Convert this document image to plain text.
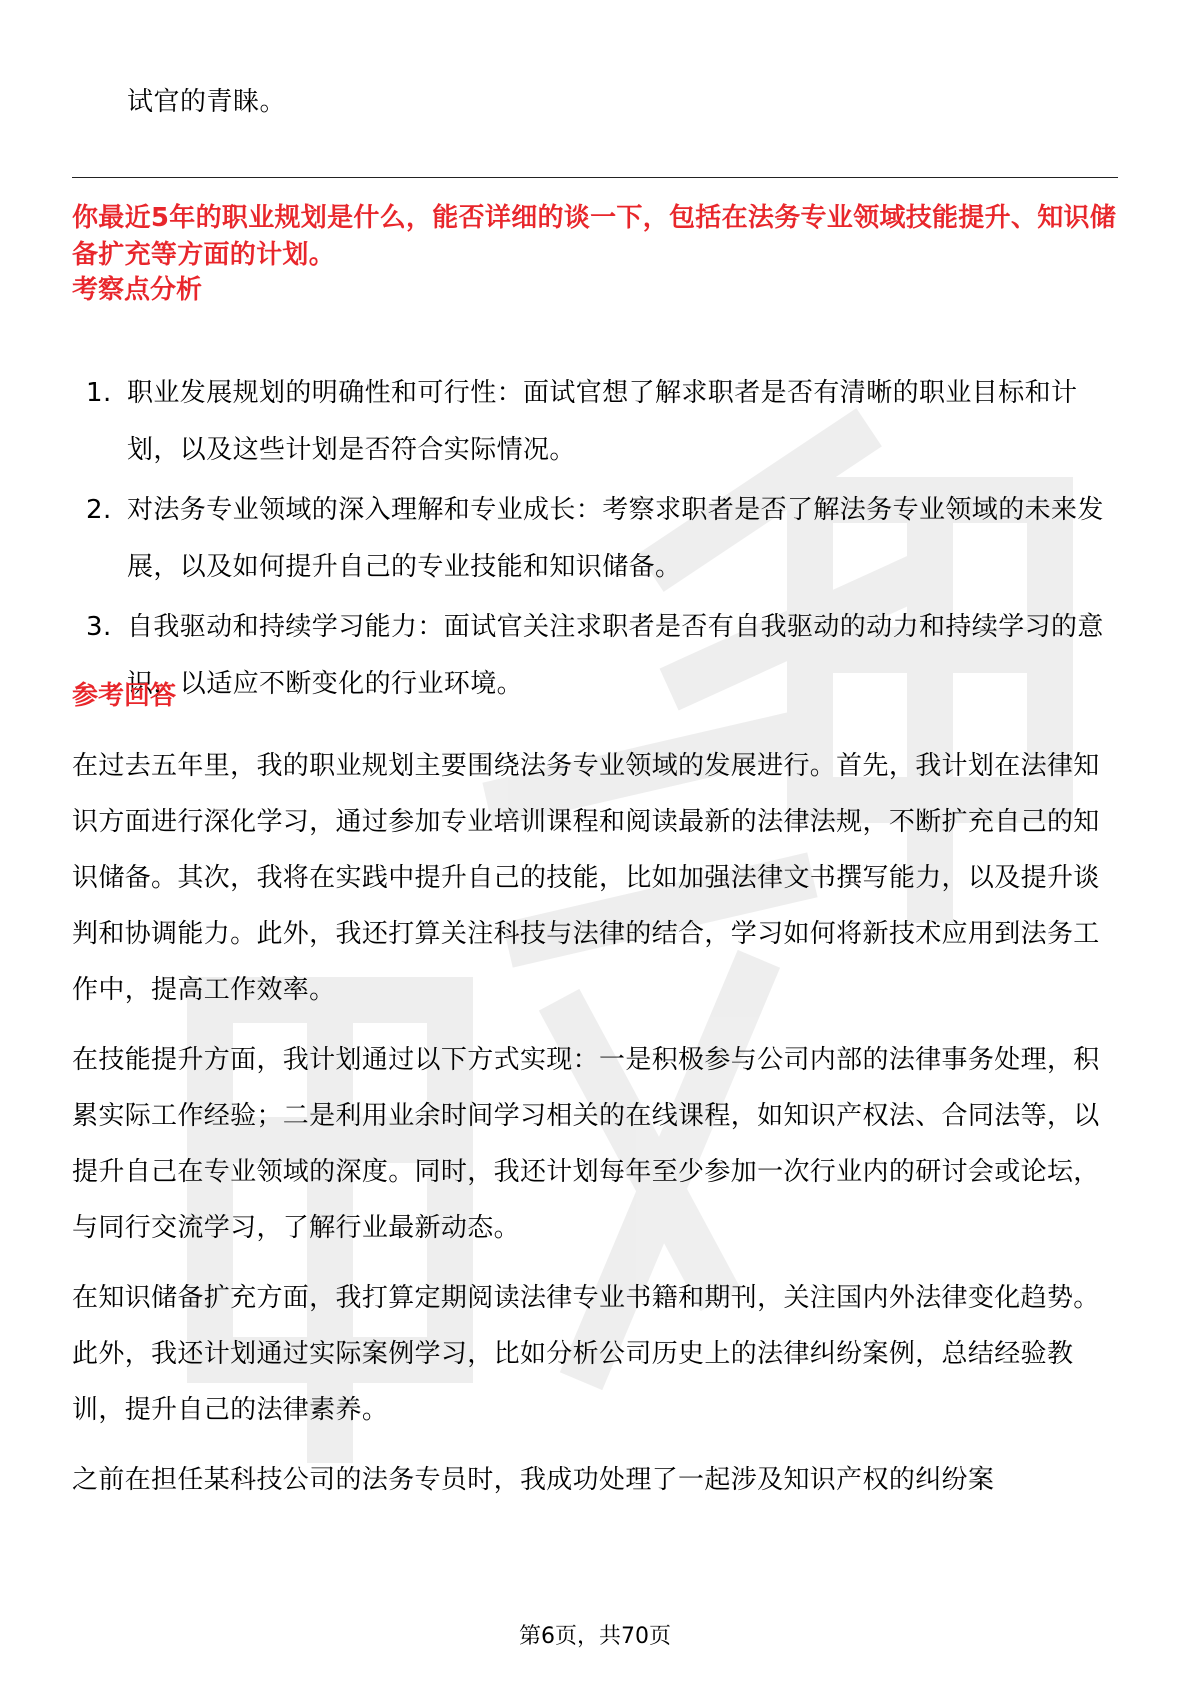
试官的青睐。
你最近5年的职业规划是什么，能否详细的谈一下，包括在法务专业领域技能提升、知识储备扩充等方面的计划。
考察点分析
1. 职业发展规划的明确性和可行性：面试官想了解求职者是否有清晰的职业目标和计划，以及这些计划是否符合实际情况。
2. 对法务专业领域的深入理解和专业成长：考察求职者是否了解法务专业领域的未来发展，以及如何提升自己的专业技能和知识储备。
3. 自我驱动和持续学习能力：面试官关注求职者是否有自我驱动的动力和持续学习的意识，以适应不断变化的行业环境。
参考回答
在过去五年里，我的职业规划主要围绕法务专业领域的发展进行。首先，我计划在法律知识方面进行深化学习，通过参加专业培训课程和阅读最新的法律法规，不断扩充自己的知识储备。其次，我将在实践中提升自己的技能，比如加强法律文书撰写能力，以及提升谈判和协调能力。此外，我还打算关注科技与法律的结合，学习如何将新技术应用到法务工作中，提高工作效率。
在技能提升方面，我计划通过以下方式实现：一是积极参与公司内部的法律事务处理，积累实际工作经验；二是利用业余时间学习相关的在线课程，如知识产权法、合同法等，以提升自己在专业领域的深度。同时，我还计划每年至少参加一次行业内的研讨会或论坛，与同行交流学习，了解行业最新动态。
在知识储备扩充方面，我打算定期阅读法律专业书籍和期刊，关注国内外法律变化趋势。此外，我还计划通过实际案例学习，比如分析公司历史上的法律纠纷案例，总结经验教训，提升自己的法律素养。
之前在担任某科技公司的法务专员时，我成功处理了一起涉及知识产权的纠纷案
第6页，共70页
